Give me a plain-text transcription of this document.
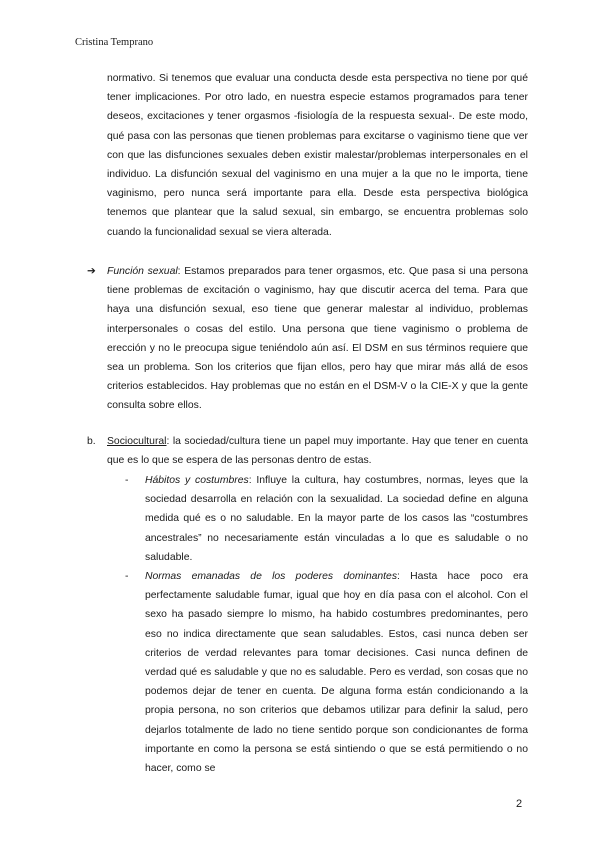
Cristina Temprano

normativo. Si tenemos que evaluar una conducta desde esta perspectiva no tiene por qué tener implicaciones. Por otro lado, en nuestra especie estamos programados para tener deseos, excitaciones y tener orgasmos -fisiología de la respuesta sexual-. De este modo, qué pasa con las personas que tienen problemas para excitarse o vaginismo tiene que ver con que las disfunciones sexuales deben existir malestar/problemas interpersonales en el individuo. La disfunción sexual del vaginismo en una mujer a la que no le importa, tiene vaginismo, pero nunca será importante para ella. Desde esta perspectiva biológica tenemos que plantear que la salud sexual, sin embargo, se encuentra problemas solo cuando la funcionalidad sexual se viera alterada.

➔ Función sexual: Estamos preparados para tener orgasmos, etc. Que pasa si una persona tiene problemas de excitación o vaginismo, hay que discutir acerca del tema. Para que haya una disfunción sexual, eso tiene que generar malestar al individuo, problemas interpersonales o cosas del estilo. Una persona que tiene vaginismo o problema de erección y no le preocupa sigue teniéndolo aún así. El DSM en sus términos requiere que sea un problema. Son los criterios que fijan ellos, pero hay que mirar más allá de esos criterios establecidos. Hay problemas que no están en el DSM-V o la CIE-X y que la gente consulta sobre ellos.

b. Sociocultural: la sociedad/cultura tiene un papel muy importante. Hay que tener en cuenta que es lo que se espera de las personas dentro de estas.

- Hábitos y costumbres: Influye la cultura, hay costumbres, normas, leyes que la sociedad desarrolla en relación con la sexualidad. La sociedad define en alguna medida qué es o no saludable. En la mayor parte de los casos las “costumbres ancestrales” no necesariamente están vinculadas a lo que es saludable o no saludable.

- Normas emanadas de los poderes dominantes: Hasta hace poco era perfectamente saludable fumar, igual que hoy en día pasa con el alcohol. Con el sexo ha pasado siempre lo mismo, ha habido costumbres predominantes, pero eso no indica directamente que sean saludables. Estos, casi nunca deben ser criterios de verdad relevantes para tomar decisiones. Casi nunca definen de verdad qué es saludable y que no es saludable. Pero es verdad, son cosas que no podemos dejar de tener en cuenta. De alguna forma están condicionando a la propia persona, no son criterios que debamos utilizar para definir la salud, pero dejarlos totalmente de lado no tiene sentido porque son condicionantes de forma importante en como la persona se está sintiendo o que se está permitiendo o no hacer, como se

2
